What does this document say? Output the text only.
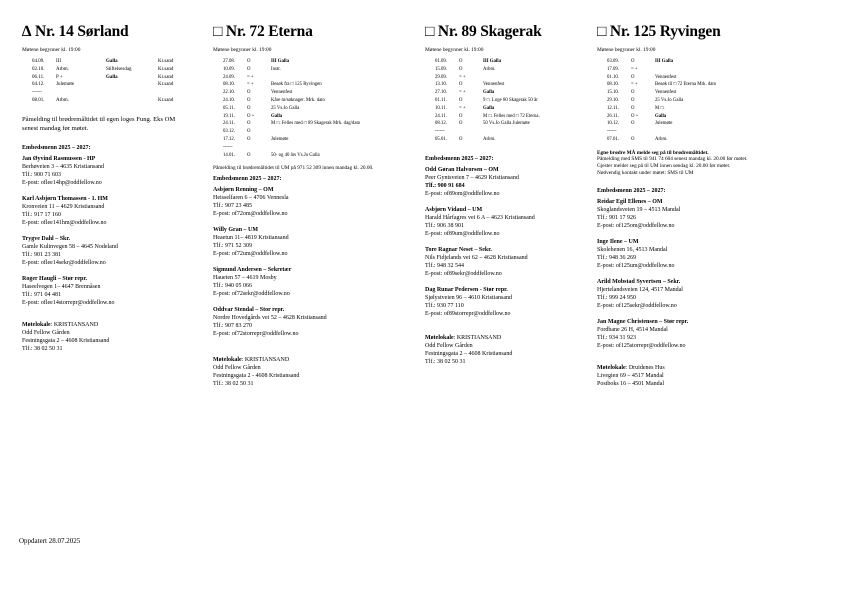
∆ Nr. 14 Sørland
Møtene begynner kl. 19:00
04.09.	III	Galla	Kr.sand
02.10.	Arbm.	Stiftelsesdag	Kr.sand
06.11.	P +	Galla	Kr.sand
04.12.	Julemøte		Kr.sand
------			
08.01.	Arbm.		Kr.sand
Påmelding til brødremåltidet til egen loges Fung. Eks OM senest mandag før møtet.
Embedsmenn 2025 – 2027:
Jan Øyvind Rasmussen - HP
Berhøveien 3 – 4635 Kristiansand
Tlf.: 900 71 603
E-post: oflee14hp@oddfellow.no
Karl Asbjørn Thomassen - 1. HM
Kronveien 11 – 4629 Kristiansand
Tlf.: 917 17 160
E-post: oflee141hm@oddfellow.no
Trygve Dahl – Skr.
Gamle Kulinvegen 58 – 4645 Nodeland
Tlf.: 901 23 381
E-post: oflee14sekr@oddfellow.no
Roger Haugli – Stør repr.
Haseelvegen 1– 4647 Brennåsen
Tlf.: 971 04 481
E-post: oflee14storrepr@oddfellow.no
Møtelokale: KRISTIANSAND
Odd Fellow Gården
Festningsgata 2 – 4608 Kristiansand
Tlf.: 38 02 50 31
□ Nr. 72 Eterna
Møtene begynner kl. 19:00
27.08.	O	III Galla
10.09.	O	Instr.
24.09.	= +	
08.10.	= +	Besøk fra □ 125 Ryvingen
22.10.	O	Vennenfest
24.10.	O	Kåre m/søknager. Mrk. dato
05.11.	O	25 Vs.Jo Galla
19.11.	O +	Galla
24.11.	O	M □. Felles med □ 89 Skagerak Mrk. dag/dato
03.12.	O	
17.12.	O	Julemøte
------		
14.01.	O	50- og 40 års Vs.Jo Galla
Påmelding til brødremåltidet til UM på 971 52 309 innen mandag kl. 20.00.
Embedsmenn 2025 – 2027:
Asbjørn Renning – OM
Heisselfaren 6 – 4706 Vennesla
Tlf.: 907 23 485
E-post: of72om@oddfellow.no
Willy Gran – UM
Heaetun 11– 4819 Kristiansand
Tlf.: 971 52 309
E-post: of72um@oddfellow.no
Sigmund Andersen – Sekretær
Haueten 57 – 4619 Mosby
Tlf.: 940 05 066
E-post: of72sekr@oddfellow.no
Oddvar Stendal – Stor repr.
Nordre Hovedgårds vei 52 – 4628 Kristiansand
Tlf.: 907 83 270
E-post: of72storrepr@oddfellow.no
Møtelokale: KRISTIANSAND
Odd Fellow Gården
Festningsgata 2 - 4608 Kristiansand
Tlf.: 38 02 50 31
□ Nr. 89 Skagerak
Møtene begynner kl. 19:00
01.09.	O	III Galla
15.09.	O	Arbm.
29.09.	= +	
13.10.	O	Vennenfest
27.10.	= +	Galla
01.11.	O	9 □. Loge 80 Skagerak 50 år
10.11.	= +	Galla
24.11.	O	M □. Felles med □ 72 Eterna.
08.12.	O	50 Vs.Jo Galla Julemøte
------		
05.01.	O	Arbm.
Embedsmenn 2025 – 2027:
Odd Gøran Halvorsen – OM
Peer Gyntsveien 7 – 4629 Kristiansand
Tlf.: 900 91 684
E-post: of89om@oddfellow.no
Asbjørn Vidaud – UM
Harald Hårfagres vei 6 A – 4623 Kristiansand
Tlf.: 906 38 901
E-post: of89um@oddfellow.no
Tore Ragnar Neset – Sekr.
Nils Fidjelands vei 62 – 4628 Kristiansand
Tlf.: 948 32 544
E-post: of89sekr@oddfellow.no
Dag Runar Pedersen - Stør repr.
Sjølystveien 96 – 4610 Kristiansand
Tlf.: 930 77 110
E-post: of89storrepr@oddfellow.no
Møtelokale: KRISTIANSAND
Odd Fellow Gården
Festningsgata 2 – 4608 Kristiansand
Tlf.: 38 02 50 31
□ Nr. 125 Ryvingen
Møtene begynner kl. 19:00
03.09.	O	III Galla
17.09.	= +	
01.10.	O	Vennenfest
08.10.	= +	Besøk til □ 72 Eterna Mrk. dato
15.10.	O	Vennenfest
29.10.	O	25 Vs.Jo Galla
12.11.	O	M □.
26.11.	O +	Galla
10.12.	O	Julemøte
------		
07.01.	O	Arbm.
Egne brødre MÅ melde seg på til brødremåltidet.
Påmelding med SMS til 941 74 604 senest mandag kl. 20.00 før møtet.
Gjester melder seg på til UM innen søndag kl. 20.00 før møtet.
Nødvendig kontakt under møtet: SMS til UM
Embedsmenn 2025 – 2027:
Reidar Egil Ellenes – OM
Skoglandsveien 19 – 4513 Mandal
Tlf.: 901 17 926
E-post: of125om@oddfellow.no
Inge Ilene – UM
Skolehenen 16, 4513 Mandal
Tlf.: 948 36 269
E-post: of125um@oddfellow.no
Arild Mobstad Syvertsen – Sekr.
Hjertelandsveien 124, 4517 Mandal
Tlf.: 999 24 950
E-post: of125sekr@oddfellow.no
Jan Magne Christensen – Stør repr.
Fordbane 26 H, 4514 Mandal
Tlf.: 934 31 923
E-post: of125storrepr@oddfellow.no
Møtelokale: Druidenes Hus
Livegien 69 – 4517 Mandal
Postboks 16 – 4501 Mandal
Oppdatert 28.07.2025
